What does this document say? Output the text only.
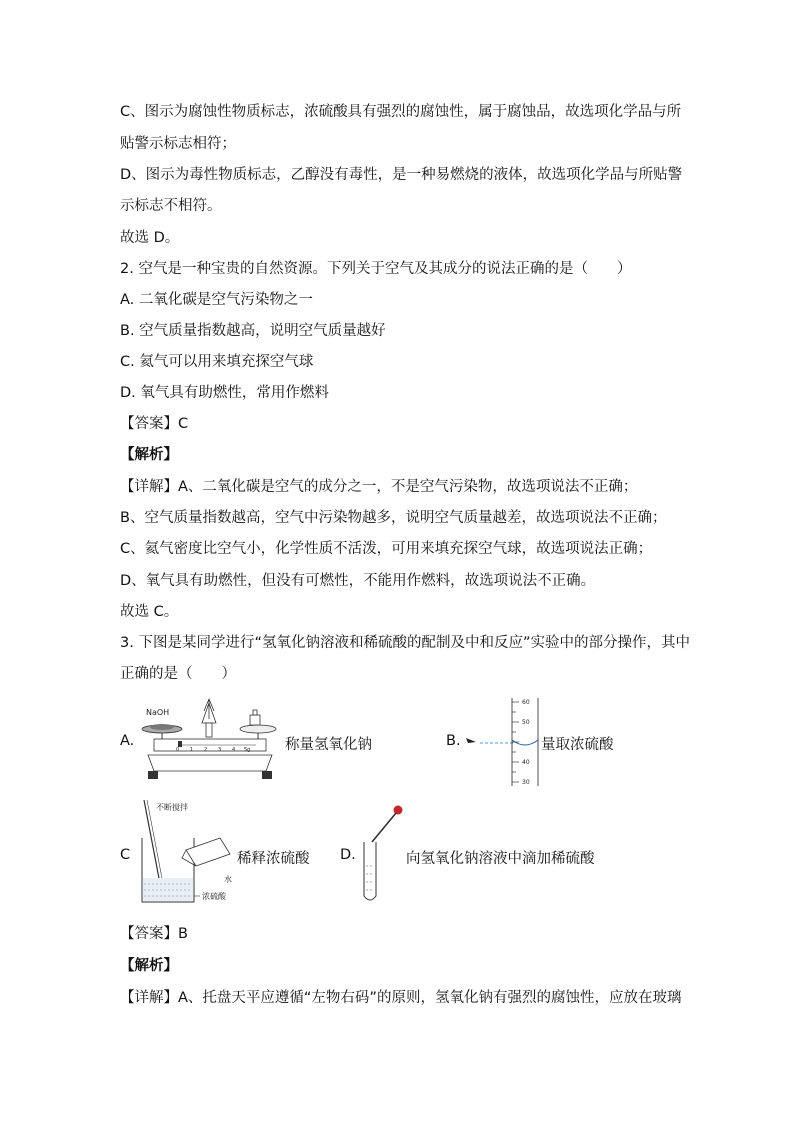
C、图示为腐蚀性物质标志，浓硫酸具有强烈的腐蚀性，属于腐蚀品，故选项化学品与所
贴警示标志相符；
D、图示为毒性物质标志，乙醇没有毒性，是一种易燃烧的液体，故选项化学品与所贴警
示标志不相符。
故选 D。
2. 空气是一种宝贵的自然资源。下列关于空气及其成分的说法正确的是（　　）
A. 二氧化碳是空气污染物之一
B. 空气质量指数越高，说明空气质量越好
C. 氦气可以用来填充探空气球
D. 氧气具有助燃性，常用作燃料
【答案】C
【解析】
【详解】A、二氧化碳是空气的成分之一，不是空气污染物，故选项说法不正确；
B、空气质量指数越高，空气中污染物越多，说明空气质量越差，故选项说法不正确；
C、氦气密度比空气小，化学性质不活泼，可用来填充探空气球，故选项说法正确；
D、氧气具有助燃性，但没有可燃性，不能用作燃料，故选项说法不正确。
故选 C。
3. 下图是某同学进行“氢氧化钠溶液和稀硫酸的配制及中和反应”实验中的部分操作，其中
正确的是（　　）
A.
NaOH
0 1 2 3 4 5g 称量氢氧化钠	B.
60
50
40
30
量取浓硫酸
C
不断搅拌
水
浓硫酸
稀释浓硫酸 D.	向氢氧化钠溶液中滴加稀硫酸
【答案】B
【解析】
【详解】A、托盘天平应遵循“左物右码”的原则，氢氧化钠有强烈的腐蚀性，应放在玻璃
